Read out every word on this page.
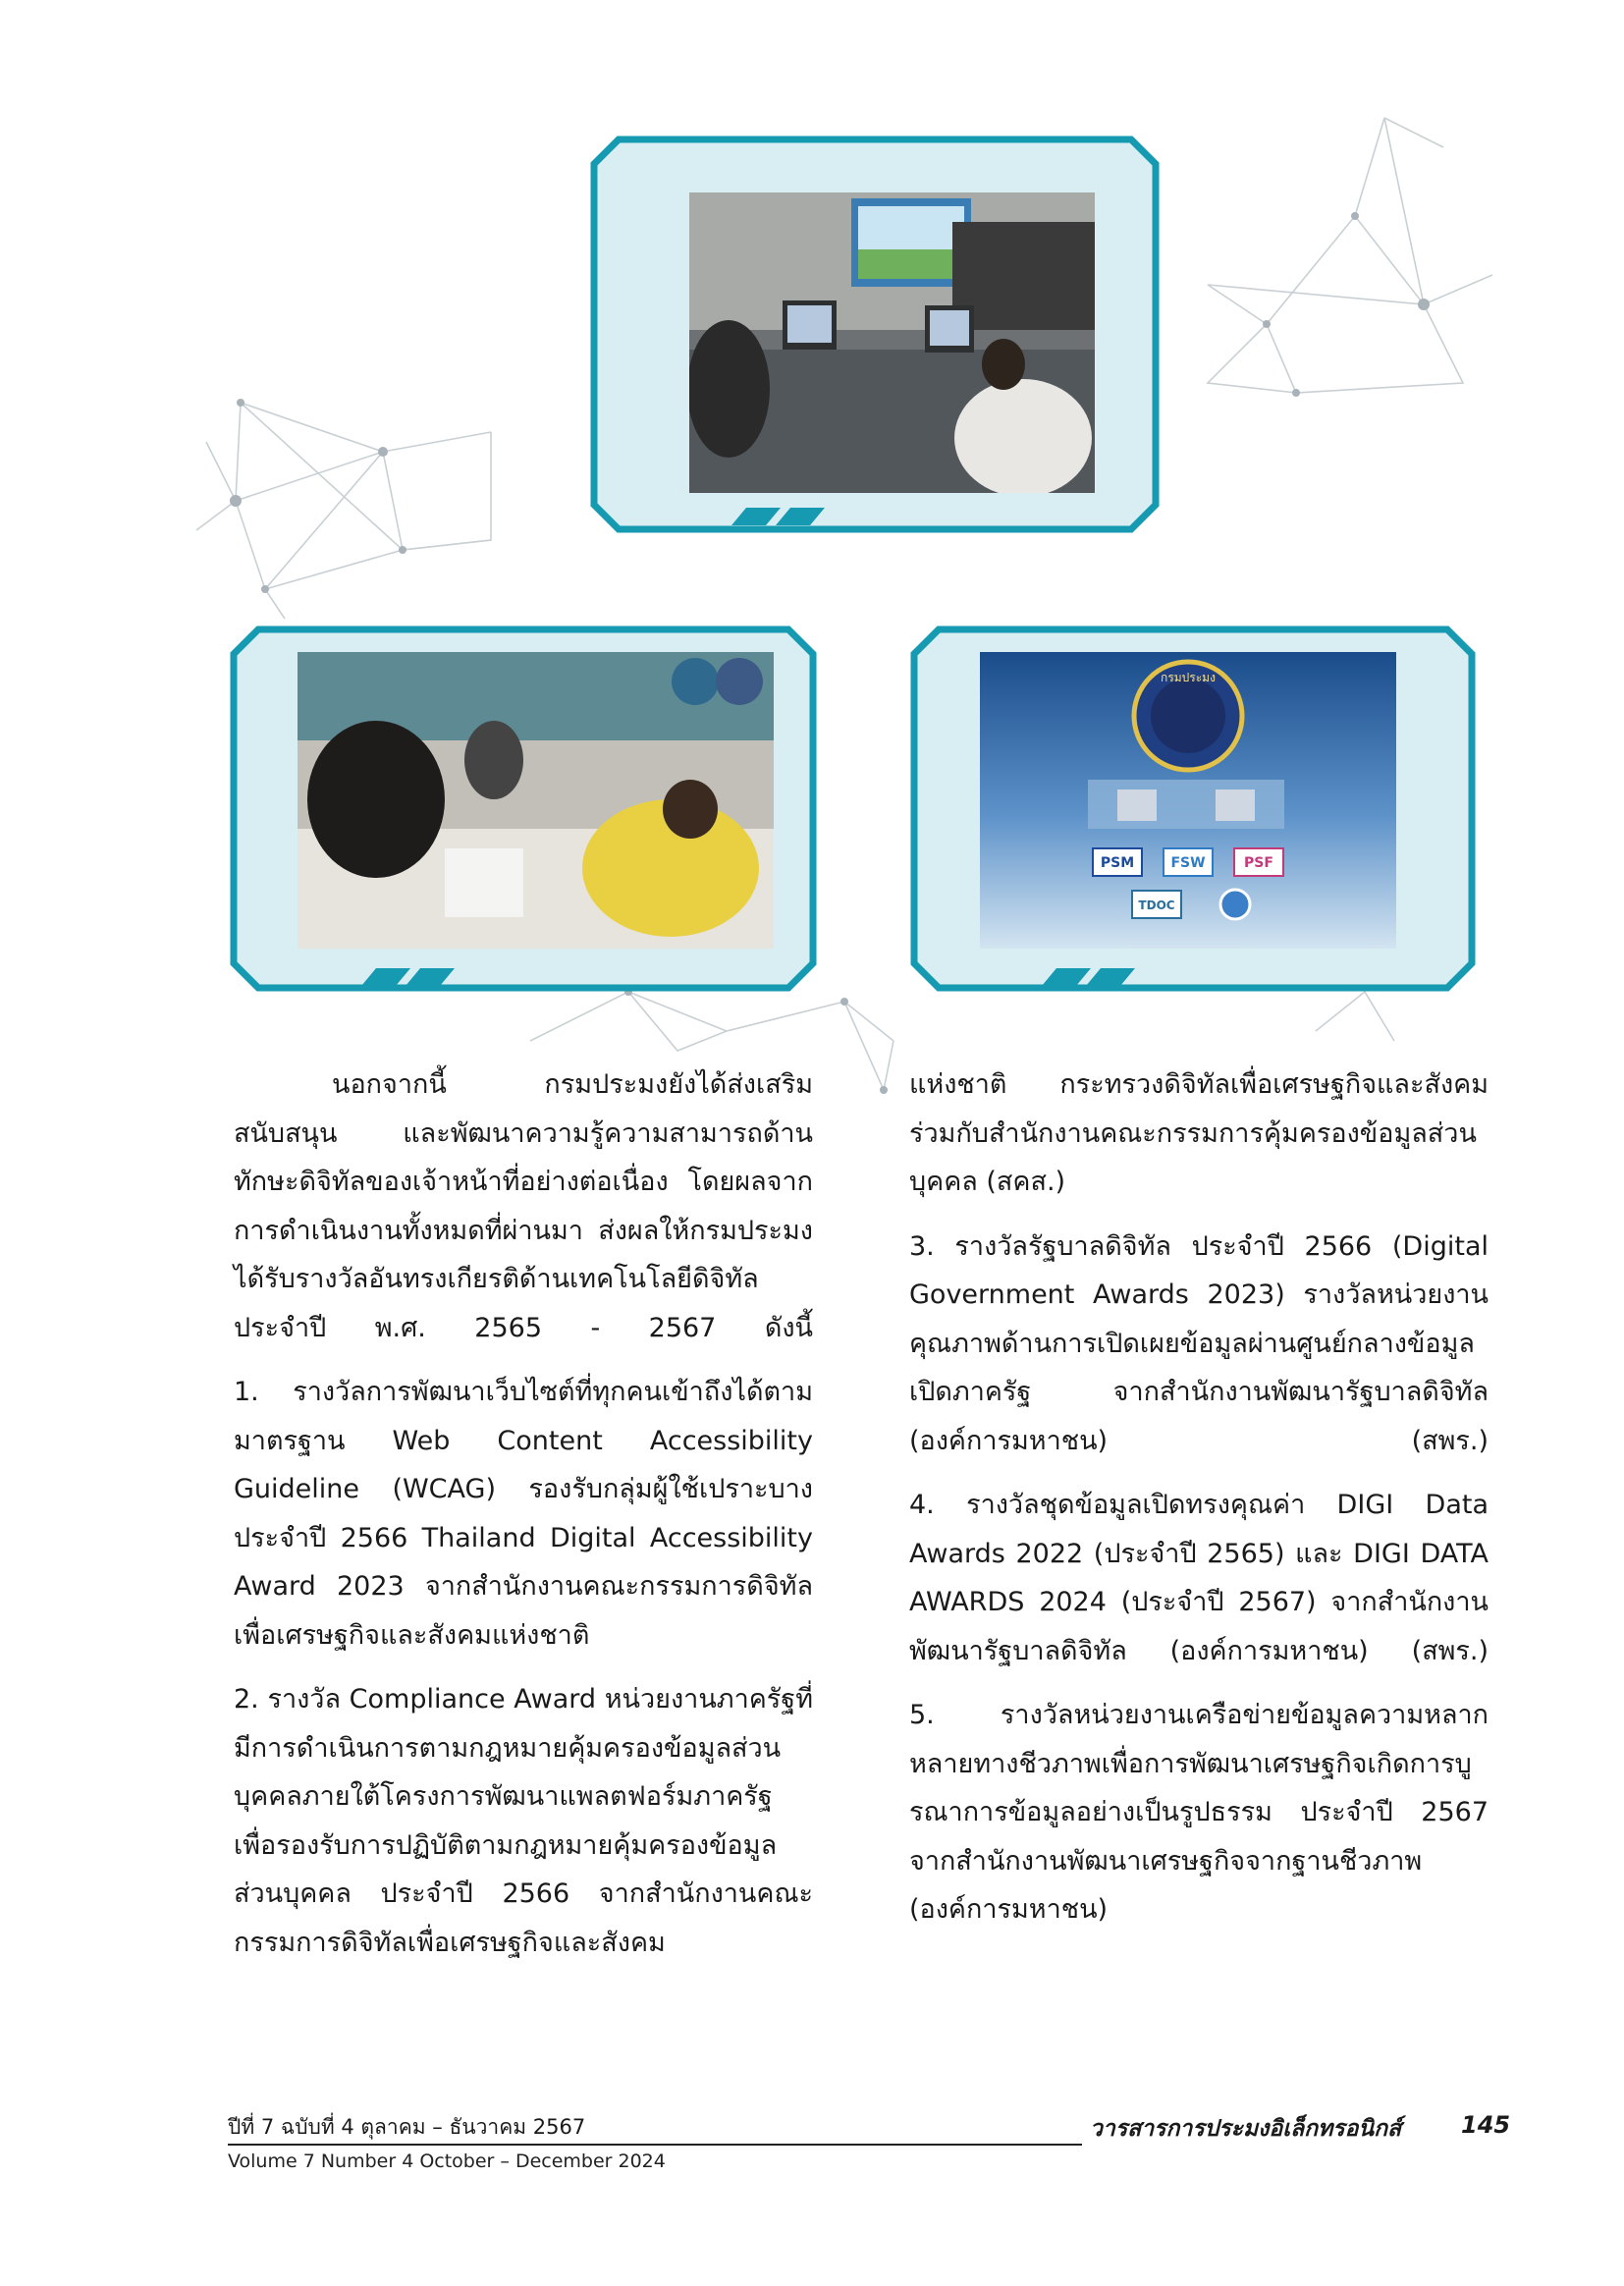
กรมประมง
PSM	FSW	PSF
TDOC

นอกจากนี้ กรมประมงยังได้ส่งเสริม สนับสนุน และพัฒนาความรู้ความสามารถด้านทักษะดิจิทัลของเจ้าหน้าที่อย่างต่อเนื่อง โดยผลจากการดำเนินงานทั้งหมดที่ผ่านมา ส่งผลให้กรมประมงได้รับรางวัลอันทรงเกียรติด้านเทคโนโลยีดิจิทัล ประจำปี พ.ศ. 2565 - 2567 ดังนี้

1. รางวัลการพัฒนาเว็บไซต์ที่ทุกคนเข้าถึงได้ตามมาตรฐาน Web Content Accessibility Guideline (WCAG) รองรับกลุ่มผู้ใช้เปราะบาง ประจำปี 2566 Thailand Digital Accessibility Award 2023 จากสำนักงานคณะกรรมการดิจิทัลเพื่อเศรษฐกิจและสังคมแห่งชาติ

2. รางวัล Compliance Award หน่วยงานภาครัฐที่มีการดำเนินการตามกฎหมายคุ้มครองข้อมูลส่วนบุคคลภายใต้โครงการพัฒนาแพลตฟอร์มภาครัฐเพื่อรองรับการปฏิบัติตามกฎหมายคุ้มครองข้อมูลส่วนบุคคล ประจำปี 2566 จากสำนักงานคณะกรรมการดิจิทัลเพื่อเศรษฐกิจและสังคม

แห่งชาติ กระทรวงดิจิทัลเพื่อเศรษฐกิจและสังคม ร่วมกับสำนักงานคณะกรรมการคุ้มครองข้อมูลส่วนบุคคล (สคส.)

3. รางวัลรัฐบาลดิจิทัล ประจำปี 2566 (Digital Government Awards 2023) รางวัลหน่วยงานคุณภาพด้านการเปิดเผยข้อมูลผ่านศูนย์กลางข้อมูลเปิดภาครัฐ จากสำนักงานพัฒนารัฐบาลดิจิทัล (องค์การมหาชน) (สพร.)

4. รางวัลชุดข้อมูลเปิดทรงคุณค่า DIGI Data Awards 2022 (ประจำปี 2565) และ DIGI DATA AWARDS 2024 (ประจำปี 2567) จากสำนักงานพัฒนารัฐบาลดิจิทัล (องค์การมหาชน) (สพร.)

5. รางวัลหน่วยงานเครือข่ายข้อมูลความหลากหลายทางชีวภาพเพื่อการพัฒนาเศรษฐกิจเกิดการบูรณาการข้อมูลอย่างเป็นรูปธรรม ประจำปี 2567 จากสำนักงานพัฒนาเศรษฐกิจจากฐานชีวภาพ (องค์การมหาชน)

ปีที่ 7 ฉบับที่ 4 ตุลาคม – ธันวาคม 2567
Volume 7 Number 4 October – December 2024
วารสารการประมงอิเล็กทรอนิกส์	145
